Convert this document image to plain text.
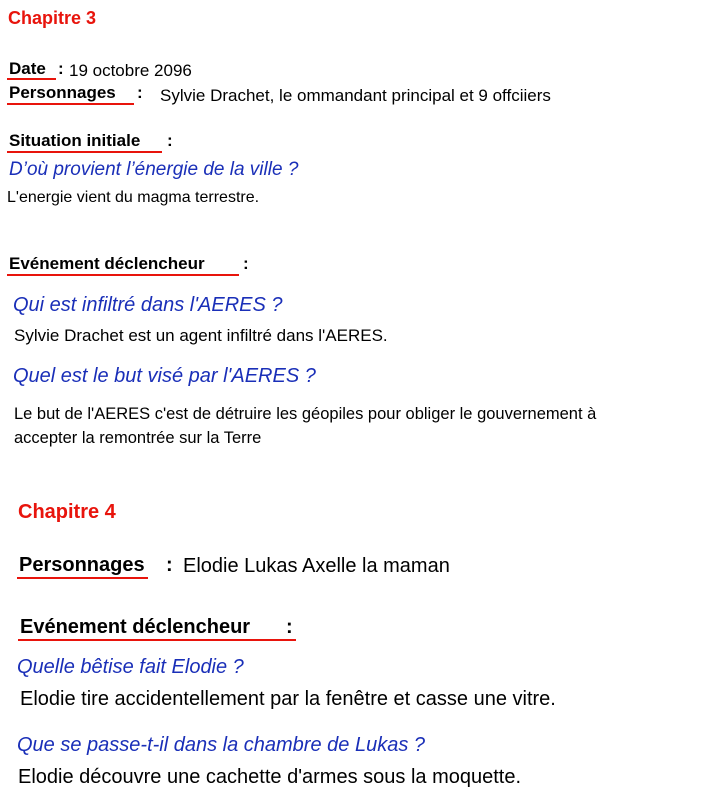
Chapitre 3
Date : 19 octobre 2096
Personnages : Sylvie Drachet, le ommandant principal et 9 offciiers
Situation initiale :
D’où provient l’énergie de la ville ?
L'energie vient du magma terrestre.
Evénement déclencheur :
Qui est infiltré dans l'AERES ?
Sylvie Drachet est un agent infiltré dans l'AERES.
Quel est le but visé par l'AERES ?
Le but de l'AERES c'est de détruire les géopiles pour obliger le gouvernement à
accepter la remontrée sur la Terre
Chapitre 4
Personnages : Elodie Lukas Axelle la maman
Evénement déclencheur :
Quelle bêtise fait Elodie ?
Elodie tire accidentellement par la fenêtre et casse une vitre.
Que se passe-t-il dans la chambre de Lukas ?
Elodie découvre une cachette d'armes sous la moquette.
